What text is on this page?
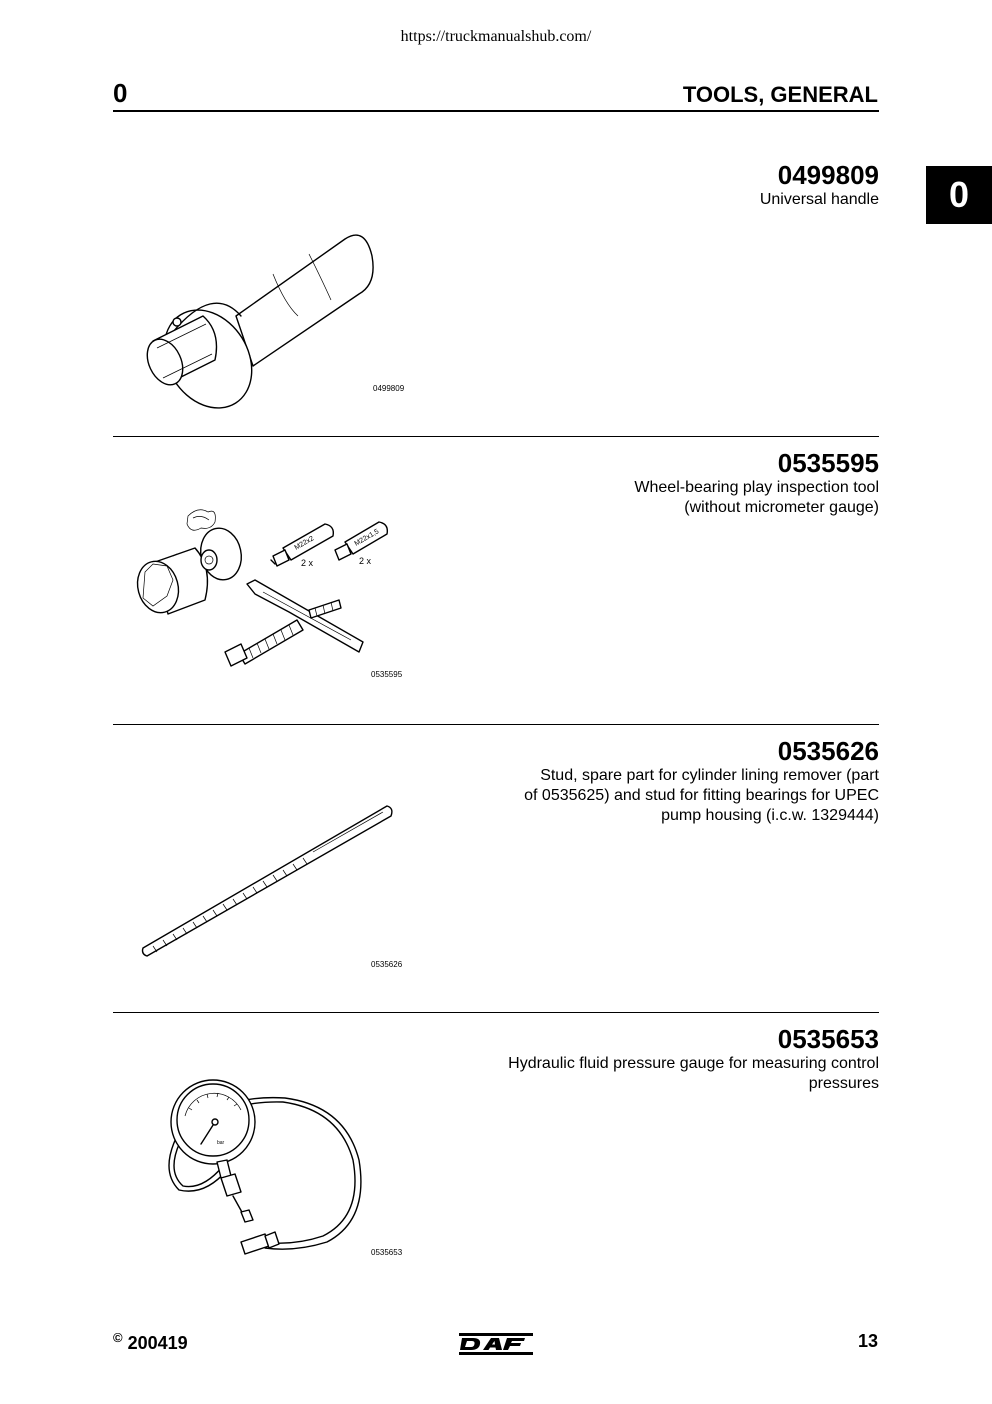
https://truckmanualshub.com/
0	TOOLS, GENERAL
0
0499809
Universal handle
0499809
0535595
Wheel-bearing play inspection tool
(without micrometer gauge)
M22x2
2 x
M22x1,5
2 x
0535595
0535626
Stud, spare part for cylinder lining remover (part
of 0535625) and stud for fitting bearings for UPEC
pump housing (i.c.w. 1329444)
0535626
0535653
Hydraulic fluid pressure gauge for measuring control
pressures
bar
0535653
© 200419	13
